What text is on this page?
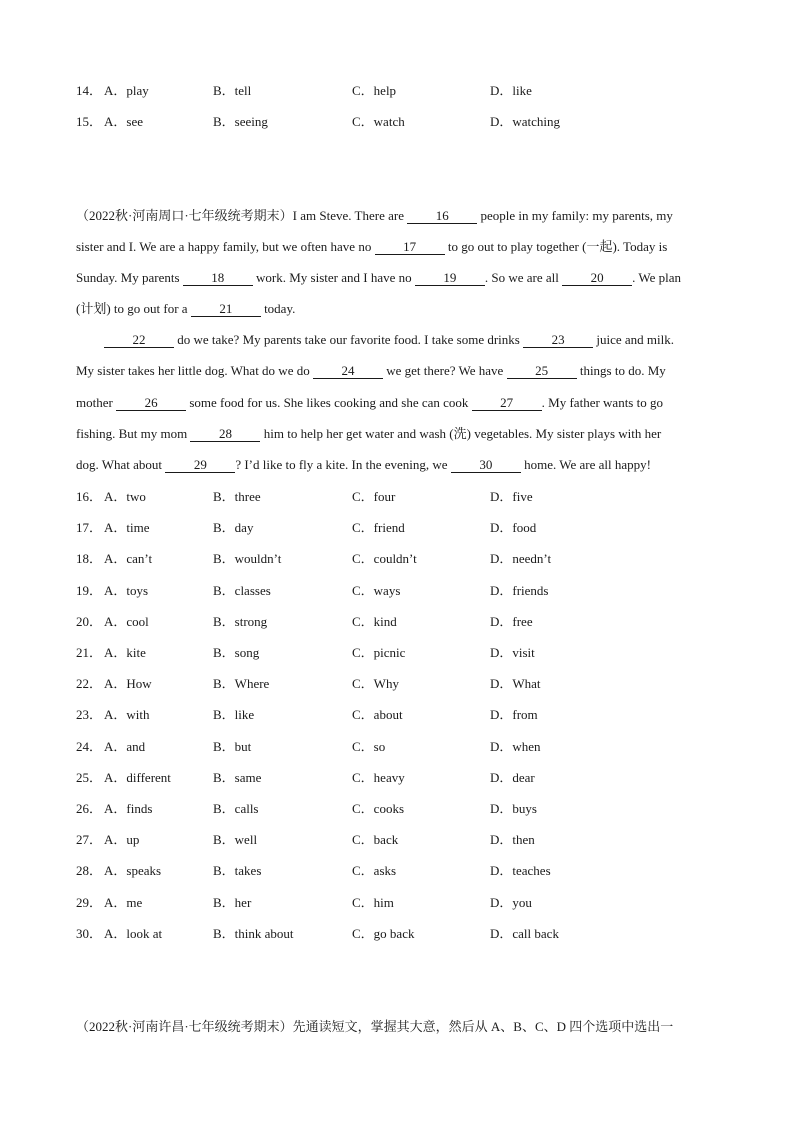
14． A．play	B．tell	C．help	D．like
15． A．see	B．seeing	C．watch	D．watching
（2022秋·河南周口·七年级统考期末）I am Steve. There are 16 people in my family: my parents, my
sister and I. We are a happy family, but we often have no 17 to go out to play together (一起). Today is
Sunday. My parents 18 work. My sister and I have no 19 . So we are all 20 . We plan
(计划) to go out for a 21 today.
22 do we take? My parents take our favorite food. I take some drinks 23 juice and milk.
My sister takes her little dog. What do we do 24 we get there? We have 25 things to do. My
mother 26 some food for us. She likes cooking and she can cook 27 . My father wants to go
fishing. But my mom 28 him to help her get water and wash (洗) vegetables. My sister plays with her
dog. What about 29 ? I’d like to fly a kite. In the evening, we 30 home. We are all happy!
16． A．two	B．three	C．four	D．five
17． A．time	B．day	C．friend	D．food
18． A．can’t	B．wouldn’t	C．couldn’t	D．needn’t
19． A．toys	B．classes	C．ways	D．friends
20． A．cool	B．strong	C．kind	D．free
21． A．kite	B．song	C．picnic	D．visit
22． A．How	B．Where	C．Why	D．What
23． A．with	B．like	C．about	D．from
24． A．and	B．but	C．so	D．when
25． A．different	B．same	C．heavy	D．dear
26． A．finds	B．calls	C．cooks	D．buys
27． A．up	B．well	C．back	D．then
28． A．speaks	B．takes	C．asks	D．teaches
29． A．me	B．her	C．him	D．you
30． A．look at	B．think about	C．go back	D．call back
（2022秋·河南许昌·七年级统考期末）先通读短文，掌握其大意，然后从 A、B、C、D 四个选项中选出一
